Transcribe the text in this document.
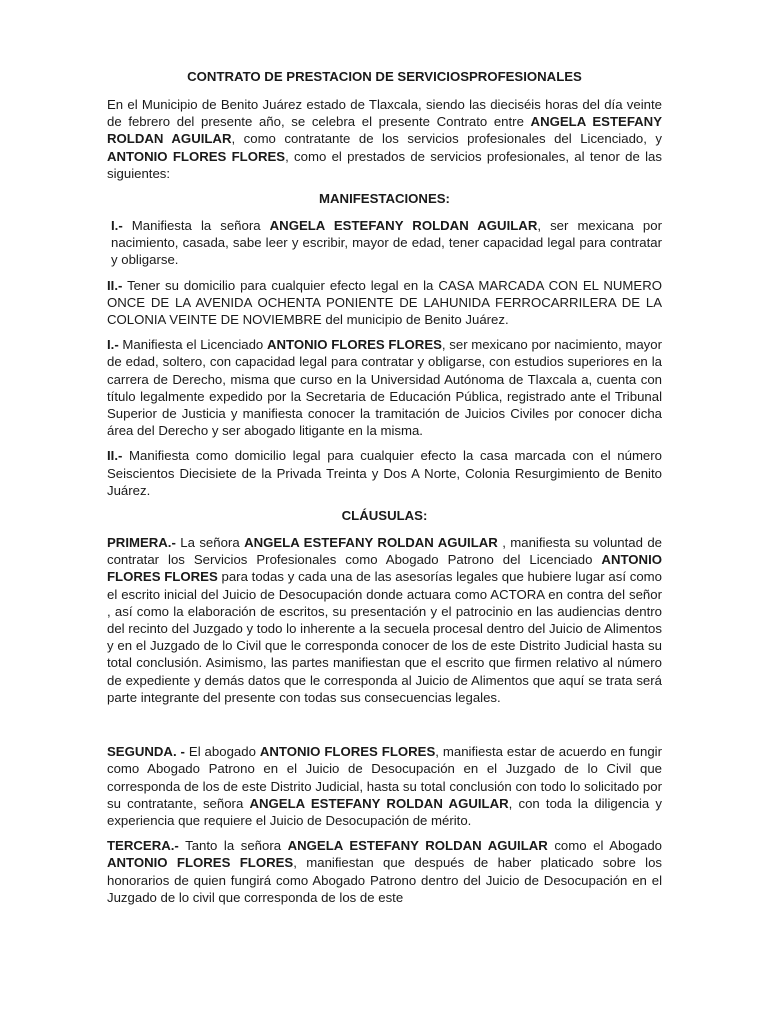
CONTRATO DE PRESTACION DE SERVICIOSPROFESIONALES

En el Municipio de Benito Juárez estado de Tlaxcala, siendo las dieciséis horas del día veinte de febrero del presente año, se celebra el presente Contrato entre ANGELA ESTEFANY ROLDAN AGUILAR, como contratante de los servicios profesionales del Licenciado, y ANTONIO FLORES FLORES, como el prestados de servicios profesionales, al tenor de las siguientes:

MANIFESTACIONES:

I.- Manifiesta la señora ANGELA ESTEFANY ROLDAN AGUILAR, ser mexicana por nacimiento, casada, sabe leer y escribir, mayor de edad, tener capacidad legal para contratar y obligarse.

II.- Tener su domicilio para cualquier efecto legal en la CASA MARCADA CON EL NUMERO ONCE DE LA AVENIDA OCHENTA PONIENTE DE LAHUNIDA FERROCARRILERA DE LA COLONIA VEINTE DE NOVIEMBRE del municipio de Benito Juárez.

I.- Manifiesta el Licenciado ANTONIO FLORES FLORES, ser mexicano por nacimiento, mayor de edad, soltero, con capacidad legal para contratar y obligarse, con estudios superiores en la carrera de Derecho, misma que curso en la Universidad Autónoma de Tlaxcala a, cuenta con título legalmente expedido por la Secretaria de Educación Pública, registrado ante el Tribunal Superior de Justicia y manifiesta conocer la tramitación de Juicios Civiles por conocer dicha área del Derecho y ser abogado litigante en la misma.

II.- Manifiesta como domicilio legal para cualquier efecto la casa marcada con el número Seiscientos Diecisiete de la Privada Treinta y Dos A Norte, Colonia Resurgimiento de Benito Juárez.

CLÁUSULAS:

PRIMERA.- La señora ANGELA ESTEFANY ROLDAN AGUILAR , manifiesta su voluntad de contratar los Servicios Profesionales como Abogado Patrono del Licenciado ANTONIO FLORES FLORES para todas y cada una de las asesorías legales que hubiere lugar así como el escrito inicial del Juicio de Desocupación donde actuara como ACTORA en contra del señor , así como la elaboración de escritos, su presentación y el patrocinio en las audiencias dentro del recinto del Juzgado y todo lo inherente a la secuela procesal dentro del Juicio de Alimentos y en el Juzgado de lo Civil que le corresponda conocer de los de este Distrito Judicial hasta su total conclusión. Asimismo, las partes manifiestan que el escrito que firmen relativo al número de expediente y demás datos que le corresponda al Juicio de Alimentos que aquí se trata será parte integrante del presente con todas sus consecuencias legales.

SEGUNDA. - El abogado ANTONIO FLORES FLORES, manifiesta estar de acuerdo en fungir como Abogado Patrono en el Juicio de Desocupación en el Juzgado de lo Civil que corresponda de los de este Distrito Judicial, hasta su total conclusión con todo lo solicitado por su contratante, señora ANGELA ESTEFANY ROLDAN AGUILAR, con toda la diligencia y experiencia que requiere el Juicio de Desocupación de mérito.

TERCERA.- Tanto la señora ANGELA ESTEFANY ROLDAN AGUILAR como el Abogado ANTONIO FLORES FLORES, manifiestan que después de haber platicado sobre los honorarios de quien fungirá como Abogado Patrono dentro del Juicio de Desocupación en el Juzgado de lo civil que corresponda de los de este
